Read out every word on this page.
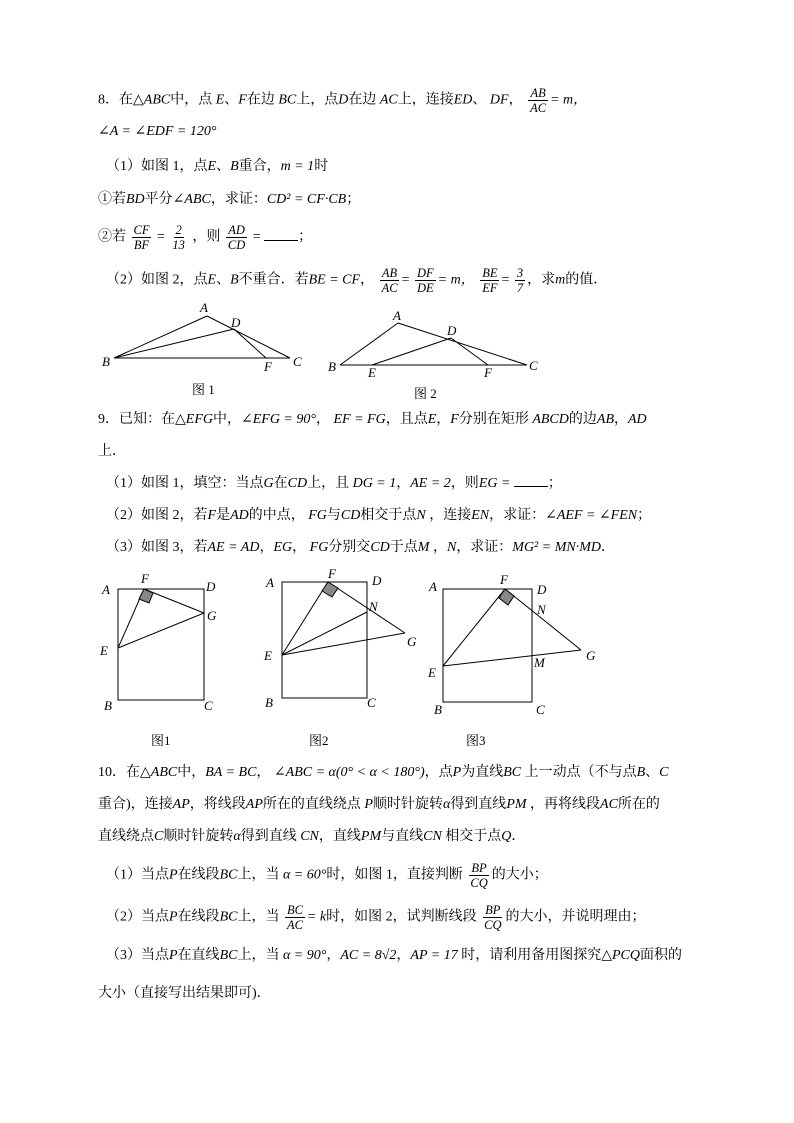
8．在△ABC中，点 E、F在边 BC上，点D在边 AC上，连接ED、 DF， $\frac{AB}{AC} = m$，
∠A = ∠EDF = 120°
（1）如图 1，点E、B重合，m = 1时
①若BD平分∠ABC，求证：CD² = CF·CB；
②若 $\frac{CF}{BF} = \frac{2}{13}$ ，则 $\frac{AD}{CD}$ =	；
（2）如图 2，点E、B不重合．若BE = CF， $\frac{AB}{AC} = \frac{DF}{DE} = m$， $\frac{BE}{EF} = \frac{3}{7}$ ，求m的值．
A
D
B	F C
图 1
A
D
B E	F	C
图 2
F
A	D
G
E
B	C
图1
F
A	D
N
G
E
B	C
图2
F
A	D
N
G
M
E
B	C
图3
9．已知：在△EFG中，∠EFG = 90°， EF = FG，且点E，F分别在矩形 ABCD的边AB，AD
上．
（1）如图 1，填空：当点G在CD上，且 DG = 1，AE = 2，则EG =	；
（2）如图 2，若F是AD的中点， FG与CD相交于点N ，连接EN，求证：∠AEF = ∠FEN；
（3）如图 3，若AE = AD，EG， FG分别交CD于点M ，N，求证：MG² = MN·MD．
10．在△ABC中，BA = BC， ∠ABC = α(0° < α < 180°)，点P为直线BC 上一动点（不与点B、C
重合)，连接AP，将线段AP所在的直线绕点 P顺时针旋转α得到直线PM ，再将线段AC所在的
直线绕点C顺时针旋转α得到直线 CN，直线PM与直线CN 相交于点Q．
（1）当点P在线段BC上，当 α = 60°时，如图 1，直接判断 $\frac{BP}{CQ}$ 的大小；
（2）当点P在线段BC上，当 $\frac{BC}{AC} = k$时，如图 2，试判断线段 $\frac{BP}{CQ}$ 的大小，并说明理由；
（3）当点P在直线BC上，当 α = 90°，AC = 8√2，AP = 17 时，请利用备用图探究△PCQ面积的
大小（直接写出结果即可)．
